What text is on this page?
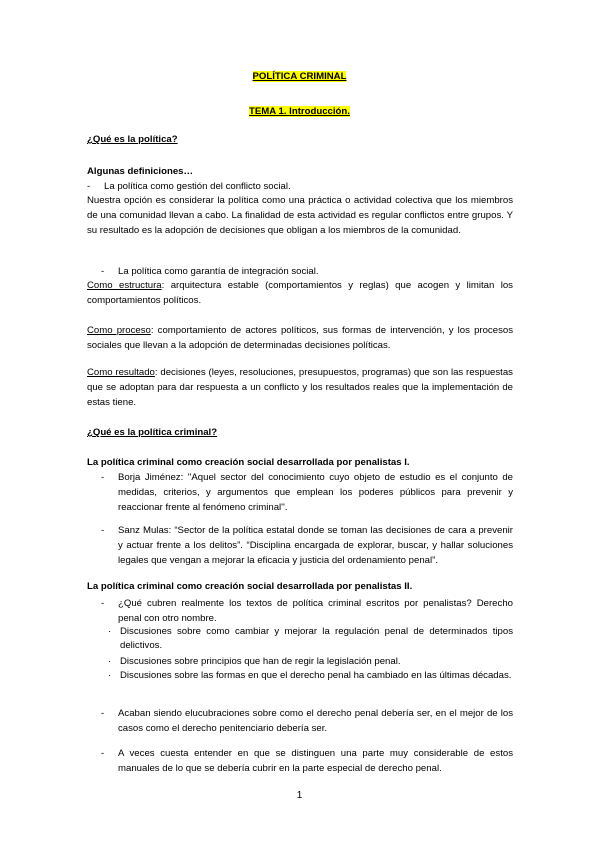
POLÍTICA CRIMINAL
TEMA 1. Introducción.
¿Qué es la política?
Algunas definiciones…
- La política como gestión del conflicto social.
Nuestra opción es considerar la política como una práctica o actividad colectiva que los miembros de una comunidad llevan a cabo. La finalidad de esta actividad es regular conflictos entre grupos. Y su resultado es la adopción de decisiones que obligan a los miembros de la comunidad.
- La política como garantía de integración social.
Como estructura: arquitectura estable (comportamientos y reglas) que acogen y limitan los comportamientos políticos.
Como proceso: comportamiento de actores políticos, sus formas de intervención, y los procesos sociales que llevan a la adopción de determinadas decisiones políticas.
Como resultado: decisiones (leyes, resoluciones, presupuestos, programas) que son las respuestas que se adoptan para dar respuesta a un conflicto y los resultados reales que la implementación de estas tiene.
¿Qué es la política criminal?
La política criminal como creación social desarrollada por penalistas I.
- Borja Jiménez: ''Aquel sector del conocimiento cuyo objeto de estudio es el conjunto de medidas, criterios, y argumentos que emplean los poderes públicos para prevenir y reaccionar frente al fenómeno criminal''.
- Sanz Mulas: “Sector de la política estatal donde se toman las decisiones de cara a prevenir y actuar frente a los delitos”. “Disciplina encargada de explorar, buscar, y hallar soluciones legales que vengan a mejorar la eficacia y justicia del ordenamiento penal”.
La política criminal como creación social desarrollada por penalistas II.
- ¿Qué cubren realmente los textos de política criminal escritos por penalistas? Derecho penal con otro nombre.
· Discusiones sobre como cambiar y mejorar la regulación penal de determinados tipos delictivos.
· Discusiones sobre principios que han de regir la legislación penal.
· Discusiones sobre las formas en que el derecho penal ha cambiado en las últimas décadas.
- Acaban siendo elucubraciones sobre como el derecho penal debería ser, en el mejor de los casos como el derecho penitenciario debería ser.
- A veces cuesta entender en que se distinguen una parte muy considerable de estos manuales de lo que se debería cubrir en la parte especial de derecho penal.
1
